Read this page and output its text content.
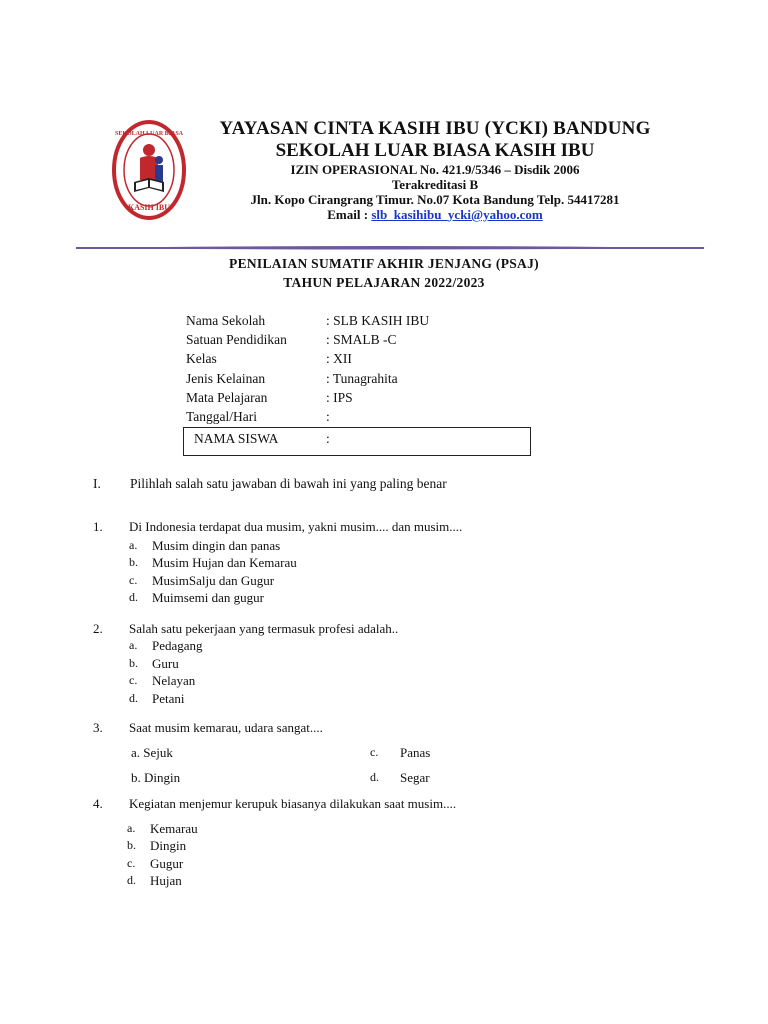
SEKOLAH LUAR BIASA
KASIH IBU
YAYASAN CINTA KASIH IBU (YCKI) BANDUNG
SEKOLAH LUAR BIASA KASIH IBU
IZIN OPERASIONAL No. 421.9/5346 – Disdik 2006
Terakreditasi B
Jln. Kopo Cirangrang Timur. No.07 Kota Bandung Telp. 54417281
Email : slb_kasihibu_ycki@yahoo.com
PENILAIAN SUMATIF AKHIR JENJANG (PSAJ)
TAHUN PELAJARAN 2022/2023
Nama Sekolah	: SLB KASIH IBU
Satuan Pendidikan	: SMALB -C
Kelas	: XII
Jenis Kelainan	: Tunagrahita
Mata Pelajaran	: IPS
Tanggal/Hari	:
NAMA SISWA	:
I. Pilihlah salah satu jawaban di bawah ini yang paling benar
1. Di Indonesia terdapat dua musim, yakni musim.... dan musim....
a. Musim dingin dan panas
b. Musim Hujan dan Kemarau
c. MusimSalju dan Gugur
d. Muimsemi dan gugur
2. Salah satu pekerjaan yang termasuk profesi adalah..
a. Pedagang
b. Guru
c. Nelayan
d. Petani
3. Saat musim kemarau, udara sangat....
a. Sejuk
b. Dingin
c. Panas
d. Segar
4. Kegiatan menjemur kerupuk biasanya dilakukan saat musim....
a. Kemarau
b. Dingin
c. Gugur
d. Hujan
